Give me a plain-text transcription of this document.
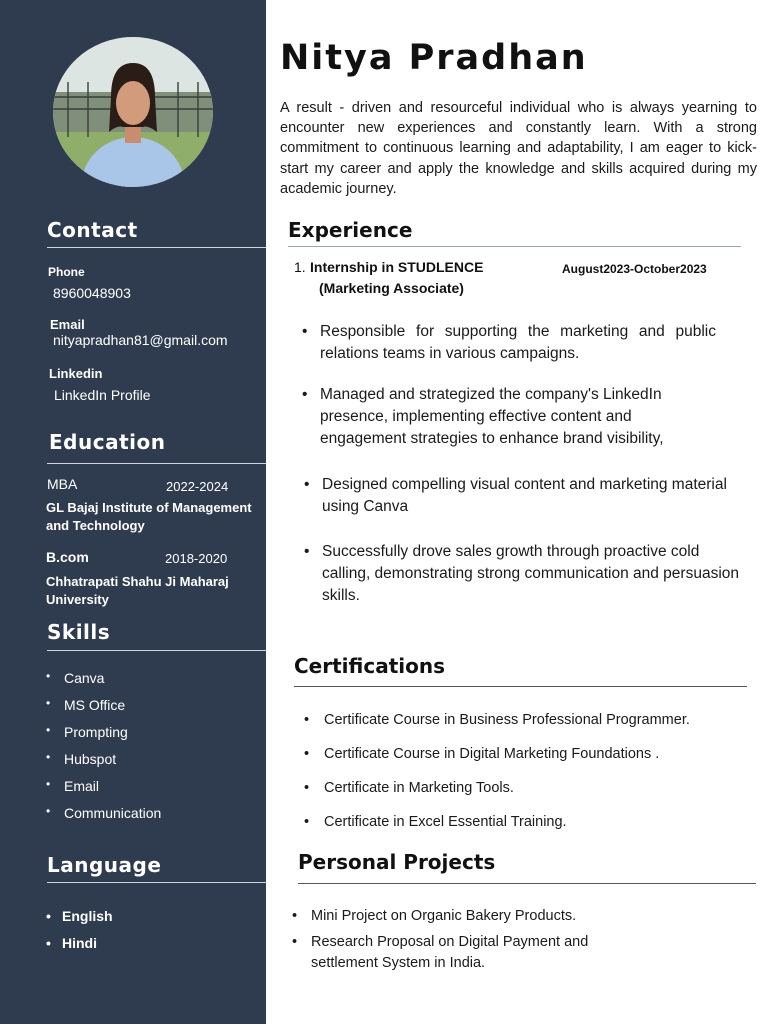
Contact
Phone
8960048903
Email
nityapradhan81@gmail.com
Linkedin
LinkedIn Profile
Education
MBA	2022-2024
GL Bajaj Institute of Management and Technology
B.com	2018-2020
Chhatrapati Shahu Ji Maharaj University
Skills
• Canva
• MS Office
• Prompting
• Hubspot
• Email
• Communication
Language
• English
• Hindi
Nitya Pradhan
A result - driven and resourceful individual who is always yearning to encounter new experiences and constantly learn. With a strong commitment to continuous learning and adaptability, I am eager to kick-start my career and apply the knowledge and skills acquired during my academic journey.
Experience
1. Internship in STUDLENCE
(Marketing Associate)
August2023-October2023
• Responsible for supporting the marketing and public relations teams in various campaigns.
• Managed and strategized the company's LinkedIn presence, implementing effective content and engagement strategies to enhance brand visibility,
• Designed compelling visual content and marketing material using Canva
• Successfully drove sales growth through proactive cold calling, demonstrating strong communication and persuasion skills.
Certifications
• Certificate Course in Business Professional Programmer.
• Certificate Course in Digital Marketing Foundations .
• Certificate in Marketing Tools.
• Certificate in Excel Essential Training.
Personal Projects
• Mini Project on Organic Bakery Products.
• Research Proposal on Digital Payment and settlement System in India.
